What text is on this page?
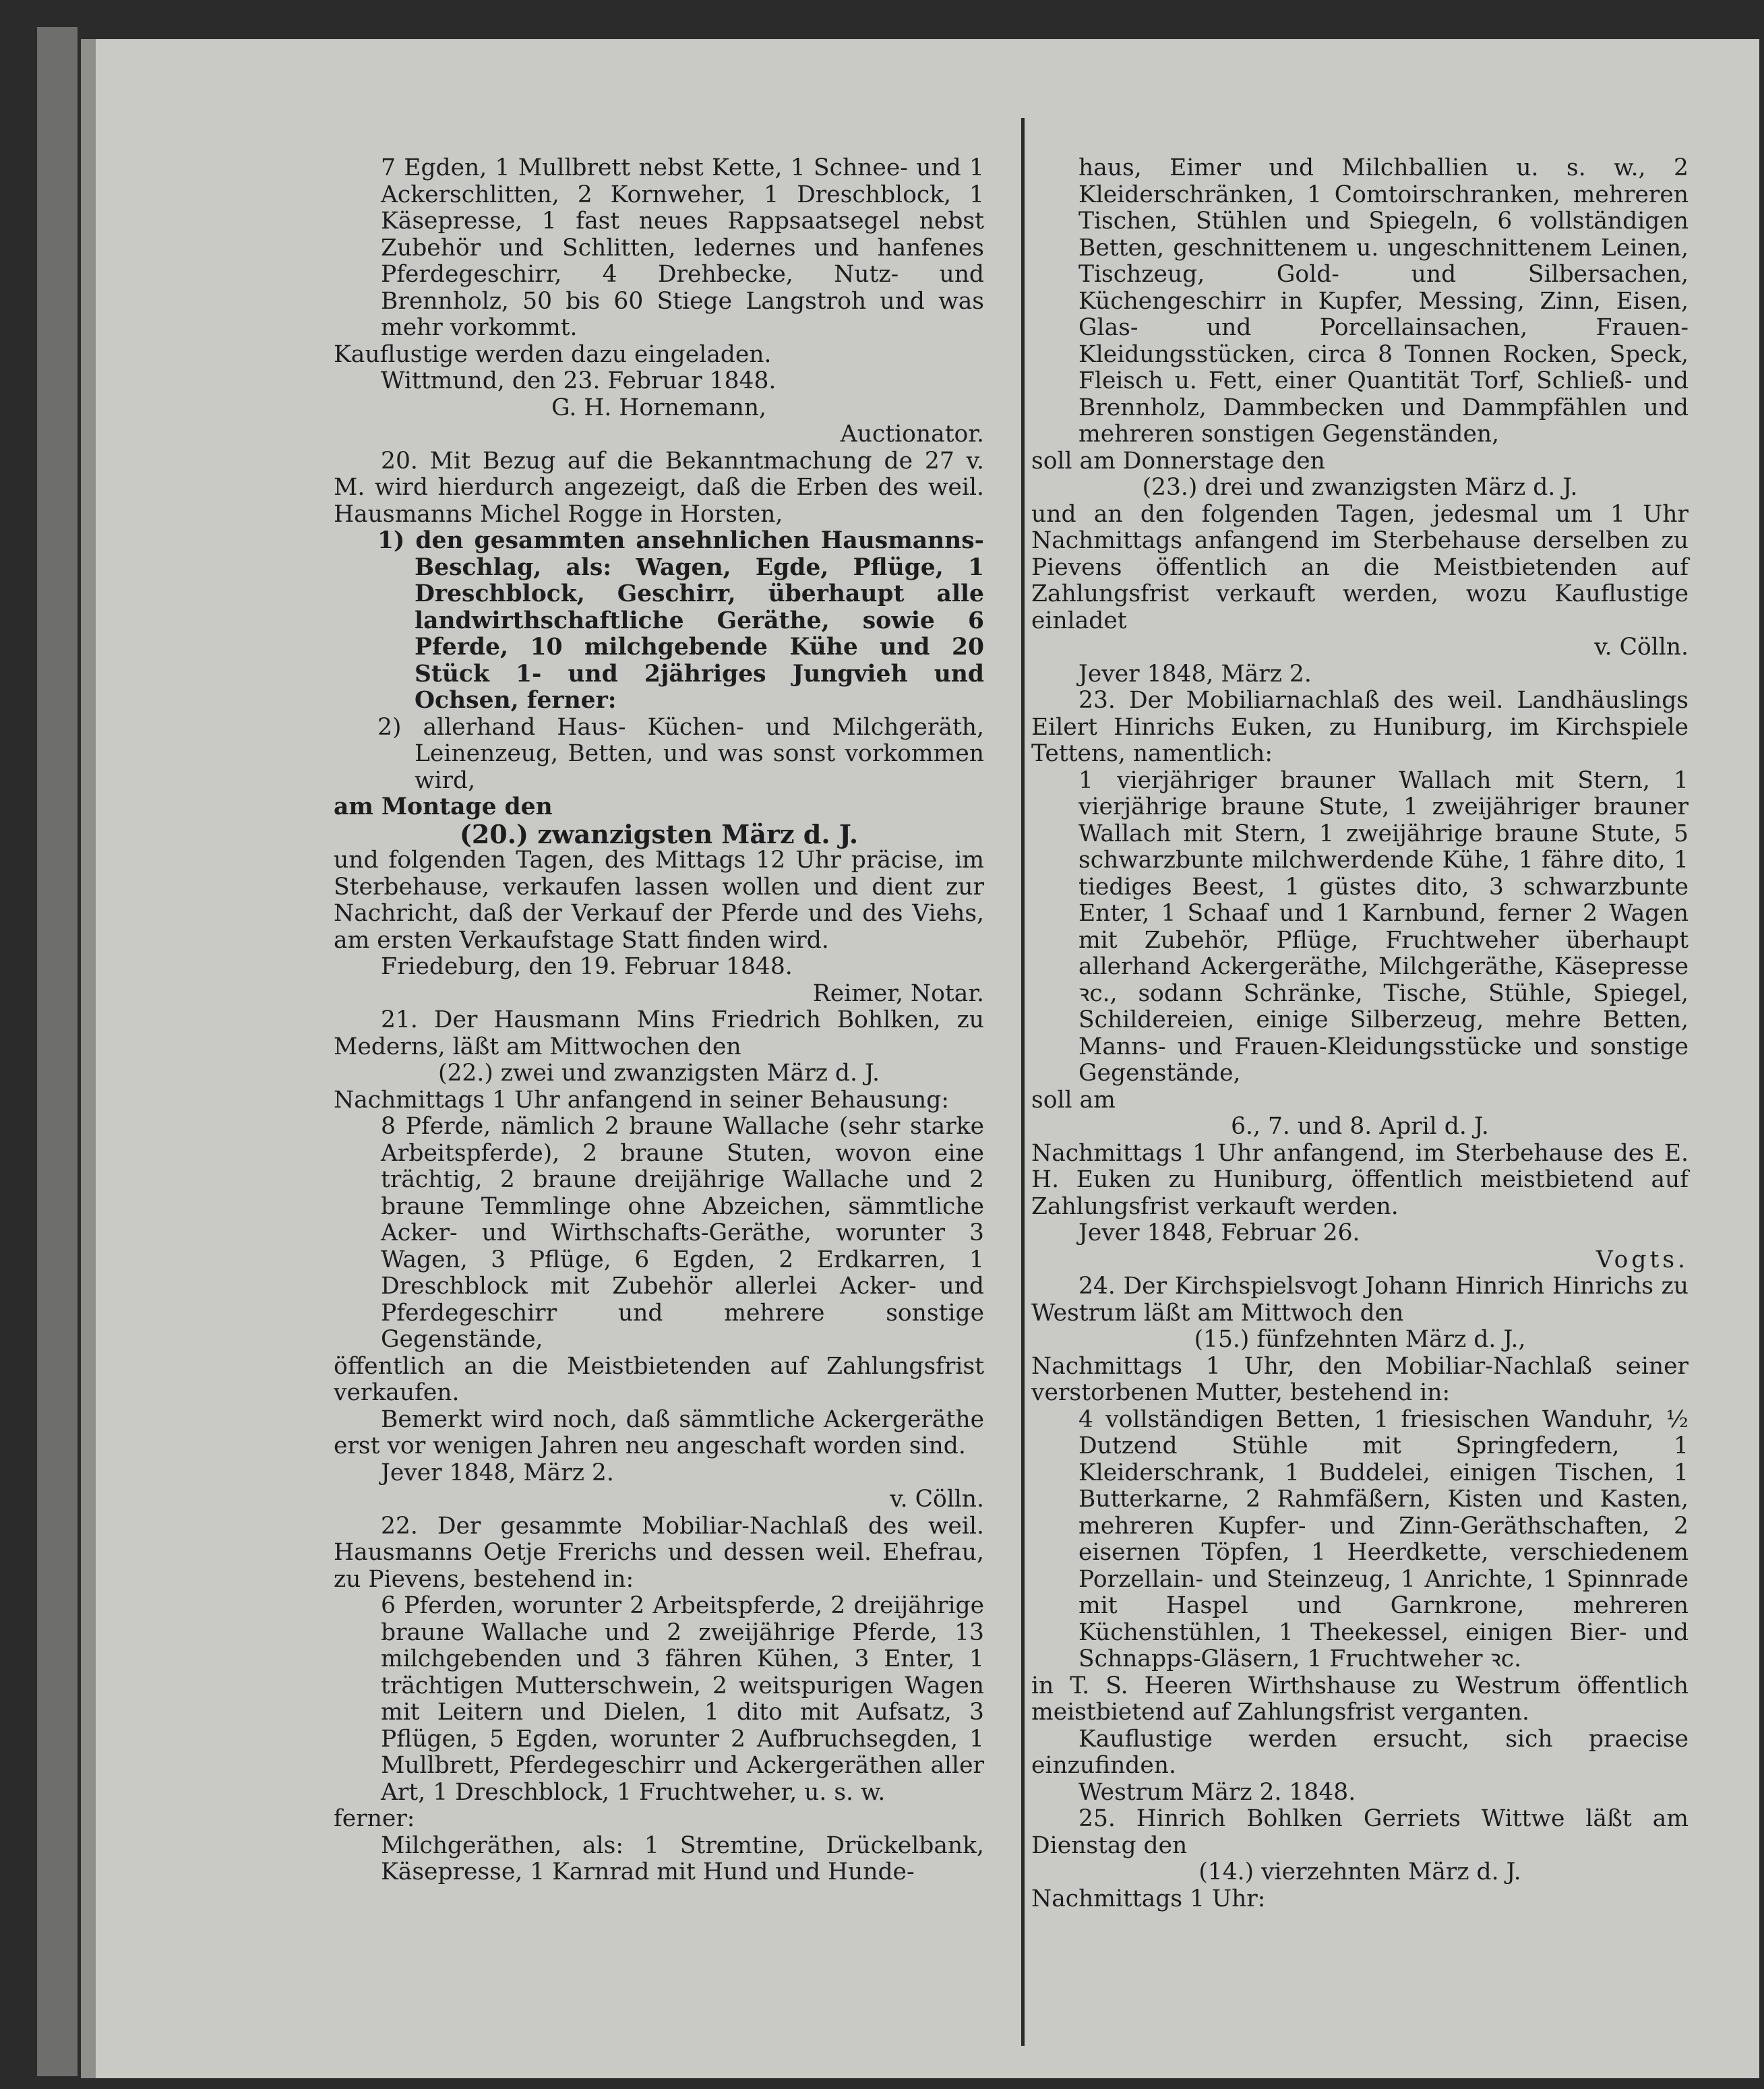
7 Egden, 1 Mullbrett nebst Kette, 1 Schnee- und 1 Ackerschlitten, 2 Kornweher, 1 Dreschblock, 1 Käsepresse, 1 fast neues Rappsaatsegel nebst Zubehör und Schlitten, ledernes und hanfenes Pferdegeschirr, 4 Drehbecke, Nutz- und Brennholz, 50 bis 60 Stiege Langstroh und was mehr vorkommt.

Kauflustige werden dazu eingeladen.

Wittmund, den 23. Februar 1848.

G. H. Hornemann,

Auctionator.

20. Mit Bezug auf die Bekanntmachung de 27 v. M. wird hierdurch angezeigt, daß die Erben des weil. Hausmanns Michel Rogge in Horsten,

1) den gesammten ansehnlichen Hausmanns-Beschlag, als: Wagen, Egde, Pflüge, 1 Dreschblock, Geschirr, überhaupt alle landwirthschaftliche Geräthe, sowie 6 Pferde, 10 milchgebende Kühe und 20 Stück 1- und 2jähriges Jungvieh und Ochsen, ferner:

2) allerhand Haus- Küchen- und Milchgeräth, Leinenzeug, Betten, und was sonst vorkommen wird,

am Montage den

(20.) zwanzigsten März d. J.

und folgenden Tagen, des Mittags 12 Uhr präcise, im Sterbehause, verkaufen lassen wollen und dient zur Nachricht, daß der Verkauf der Pferde und des Viehs, am ersten Verkaufstage Statt finden wird.

Friedeburg, den 19. Februar 1848.

Reimer, Notar.

21. Der Hausmann Mins Friedrich Bohlken, zu Mederns, läßt am Mittwochen den

(22.) zwei und zwanzigsten März d. J.

Nachmittags 1 Uhr anfangend in seiner Behausung:

8 Pferde, nämlich 2 braune Wallache (sehr starke Arbeitspferde), 2 braune Stuten, wovon eine trächtig, 2 braune dreijährige Wallache und 2 braune Temmlinge ohne Abzeichen, sämmtliche Acker- und Wirthschafts-Geräthe, worunter 3 Wagen, 3 Pflüge, 6 Egden, 2 Erdkarren, 1 Dreschblock mit Zubehör allerlei Acker- und Pferdegeschirr und mehrere sonstige Gegenstände,

öffentlich an die Meistbietenden auf Zahlungsfrist verkaufen.

Bemerkt wird noch, daß sämmtliche Ackergeräthe erst vor wenigen Jahren neu angeschaft worden sind.

Jever 1848, März 2.

v. Cölln.

22. Der gesammte Mobiliar-Nachlaß des weil. Hausmanns Oetje Frerichs und dessen weil. Ehefrau, zu Pievens, bestehend in:

6 Pferden, worunter 2 Arbeitspferde, 2 dreijährige braune Wallache und 2 zweijährige Pferde, 13 milchgebenden und 3 fähren Kühen, 3 Enter, 1 trächtigen Mutterschwein, 2 weitspurigen Wagen mit Leitern und Dielen, 1 dito mit Aufsatz, 3 Pflügen, 5 Egden, worunter 2 Aufbruchsegden, 1 Mullbrett, Pferdegeschirr und Ackergeräthen aller Art, 1 Dreschblock, 1 Fruchtweher, u. s. w.

ferner:

Milchgeräthen, als: 1 Stremtine, Drückelbank, Käsepresse, 1 Karnrad mit Hund und Hunde-

haus, Eimer und Milchballien u. s. w., 2 Kleiderschränken, 1 Comtoirschranken, mehreren Tischen, Stühlen und Spiegeln, 6 vollständigen Betten, geschnittenem u. ungeschnittenem Leinen, Tischzeug, Gold- und Silbersachen, Küchengeschirr in Kupfer, Messing, Zinn, Eisen, Glas- und Porcellainsachen, Frauen-Kleidungsstücken, circa 8 Tonnen Rocken, Speck, Fleisch u. Fett, einer Quantität Torf, Schließ- und Brennholz, Dammbecken und Dammpfählen und mehreren sonstigen Gegenständen,

soll am Donnerstage den

(23.) drei und zwanzigsten März d. J.

und an den folgenden Tagen, jedesmal um 1 Uhr Nachmittags anfangend im Sterbehause derselben zu Pievens öffentlich an die Meistbietenden auf Zahlungsfrist verkauft werden, wozu Kauflustige einladet

v. Cölln.

Jever 1848, März 2.

23. Der Mobiliarnachlaß des weil. Landhäuslings Eilert Hinrichs Euken, zu Huniburg, im Kirchspiele Tettens, namentlich:

1 vierjähriger brauner Wallach mit Stern, 1 vierjährige braune Stute, 1 zweijähriger brauner Wallach mit Stern, 1 zweijährige braune Stute, 5 schwarzbunte milchwerdende Kühe, 1 fähre dito, 1 tiediges Beest, 1 güstes dito, 3 schwarzbunte Enter, 1 Schaaf und 1 Karnbund, ferner 2 Wagen mit Zubehör, Pflüge, Fruchtweher überhaupt allerhand Ackergeräthe, Milchgeräthe, Käsepresse ꝛc., sodann Schränke, Tische, Stühle, Spiegel, Schildereien, einige Silberzeug, mehre Betten, Manns- und Frauen-Kleidungsstücke und sonstige Gegenstände,

soll am

6., 7. und 8. April d. J.

Nachmittags 1 Uhr anfangend, im Sterbehause des E. H. Euken zu Huniburg, öffentlich meistbietend auf Zahlungsfrist verkauft werden.

Jever 1848, Februar 26.

Vogts.

24. Der Kirchspielsvogt Johann Hinrich Hinrichs zu Westrum läßt am Mittwoch den

(15.) fünfzehnten März d. J.,

Nachmittags 1 Uhr, den Mobiliar-Nachlaß seiner verstorbenen Mutter, bestehend in:

4 vollständigen Betten, 1 friesischen Wanduhr, ½ Dutzend Stühle mit Springfedern, 1 Kleiderschrank, 1 Buddelei, einigen Tischen, 1 Butterkarne, 2 Rahmfäßern, Kisten und Kasten, mehreren Kupfer- und Zinn-Geräthschaften, 2 eisernen Töpfen, 1 Heerdkette, verschiedenem Porzellain- und Steinzeug, 1 Anrichte, 1 Spinnrade mit Haspel und Garnkrone, mehreren Küchenstühlen, 1 Theekessel, einigen Bier- und Schnapps-Gläsern, 1 Fruchtweher ꝛc.

in T. S. Heeren Wirthshause zu Westrum öffentlich meistbietend auf Zahlungsfrist verganten.

Kauflustige werden ersucht, sich praecise einzufinden.

Westrum März 2. 1848.

25. Hinrich Bohlken Gerriets Wittwe läßt am Dienstag den

(14.) vierzehnten März d. J.

Nachmittags 1 Uhr:
